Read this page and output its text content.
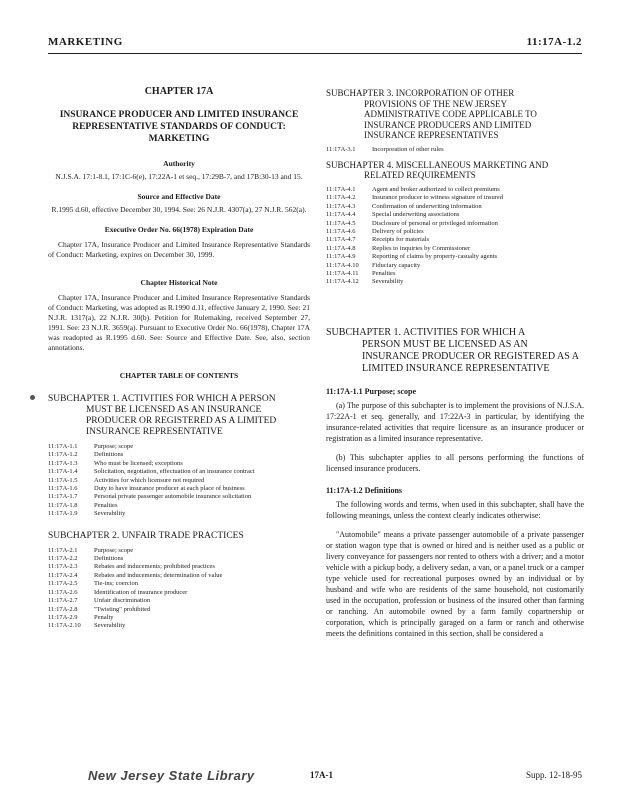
MARKETING	11:17A-1.2
CHAPTER 17A
INSURANCE PRODUCER AND LIMITED INSURANCE REPRESENTATIVE STANDARDS OF CONDUCT: MARKETING
Authority
N.J.S.A. 17:1-8.1, 17:1C-6(e), 17:22A-1 et seq., 17:29B-7, and 17B:30-13 and 15.
Source and Effective Date
R.1995 d.60, effective December 30, 1994. See: 26 N.J.R. 4307(a), 27 N.J.R. 562(a).
Executive Order No. 66(1978) Expiration Date
Chapter 17A, Insurance Producer and Limited Insurance Representative Standards of Conduct: Marketing, expires on December 30, 1999.
Chapter Historical Note
Chapter 17A, Insurance Producer and Limited Insurance Representative Standards of Conduct: Marketing, was adopted as R.1990 d.11, effective January 2, 1990. See: 21 N.J.R. 1317(a), 22 N.J.R. 30(b). Petition for Rulemaking, received September 27, 1991. See: 23 N.J.R. 3659(a). Pursuant to Executive Order No. 66(1978), Chapter 17A was readopted as R.1995 d.60. See: Source and Effective Date. See, also, section annotations.
CHAPTER TABLE OF CONTENTS
SUBCHAPTER 1. ACTIVITIES FOR WHICH A PERSON
MUST BE LICENSED AS AN INSURANCE PRODUCER OR REGISTERED AS A LIMITED INSURANCE REPRESENTATIVE
11:17A-1.1	Purpose; scope
11:17A-1.2	Definitions
11:17A-1.3	Who must be licensed; exceptions
11:17A-1.4	Solicitation, negotiation, effectuation of an insurance contract
11:17A-1.5	Activities for which licensure not required
11:17A-1.6	Duty to have insurance producer at each place of business
11:17A-1.7	Personal private passenger automobile insurance solicitation
11:17A-1.8	Penalties
11:17A-1.9	Severability
SUBCHAPTER 2. UNFAIR TRADE PRACTICES
11:17A-2.1	Purpose; scope
11:17A-2.2	Definitions
11:17A-2.3	Rebates and inducements; prohibited practices
11:17A-2.4	Rebates and inducements; determination of value
11:17A-2.5	Tie-ins; coercion
11:17A-2.6	Identification of insurance producer
11:17A-2.7	Unfair discrimination
11:17A-2.8	"Twisting" prohibited
11:17A-2.9	Penalty
11:17A-2.10	Severability
SUBCHAPTER 3. INCORPORATION OF OTHER
PROVISIONS OF THE NEW JERSEY ADMINISTRATIVE CODE APPLICABLE TO INSURANCE PRODUCERS AND LIMITED INSURANCE REPRESENTATIVES
11:17A-3.1	Incorporation of other rules
SUBCHAPTER 4. MISCELLANEOUS MARKETING AND
RELATED REQUIREMENTS
11:17A-4.1	Agent and broker authorized to collect premiums
11:17A-4.2	Insurance producer to witness signature of insured
11:17A-4.3	Confirmation of underwriting information
11:17A-4.4	Special underwriting associations
11:17A-4.5	Disclosure of personal or privileged information
11:17A-4.6	Delivery of policies
11:17A-4.7	Receipts for materials
11:17A-4.8	Replies to inquiries by Commissioner
11:17A-4.9	Reporting of claims by property-casualty agents
11:17A-4.10	Fiduciary capacity
11:17A-4.11	Penalties
11:17A-4.12	Severability
SUBCHAPTER 1. ACTIVITIES FOR WHICH A
PERSON MUST BE LICENSED AS AN INSURANCE PRODUCER OR REGISTERED AS A LIMITED INSURANCE REPRESENTATIVE
11:17A-1.1 Purpose; scope
(a) The purpose of this subchapter is to implement the provisions of N.J.S.A. 17:22A-1 et seq. generally, and 17:22A-3 in particular, by identifying the insurance-related activities that require licensure as an insurance producer or registration as a limited insurance representative.
(b) This subchapter applies to all persons performing the functions of licensed insurance producers.
11:17A-1.2 Definitions
The following words and terms, when used in this subchapter, shall have the following meanings, unless the context clearly indicates otherwise:
"Automobile" means a private passenger automobile of a private passenger or station wagon type that is owned or hired and is neither used as a public or livery conveyance for passengers nor rented to others with a driver; and a motor vehicle with a pickup body, a delivery sedan, a van, or a panel truck or a camper type vehicle used for recreational purposes owned by an individual or by husband and wife who are residents of the same household, not customarily used in the occupation, profession or business of the insured other than farming or ranching. An automobile owned by a farm family copartnership or corporation, which is principally garaged on a farm or ranch and otherwise meets the definitions contained in this section, shall be considered a
New Jersey State Library	17A-1	Supp. 12-18-95
